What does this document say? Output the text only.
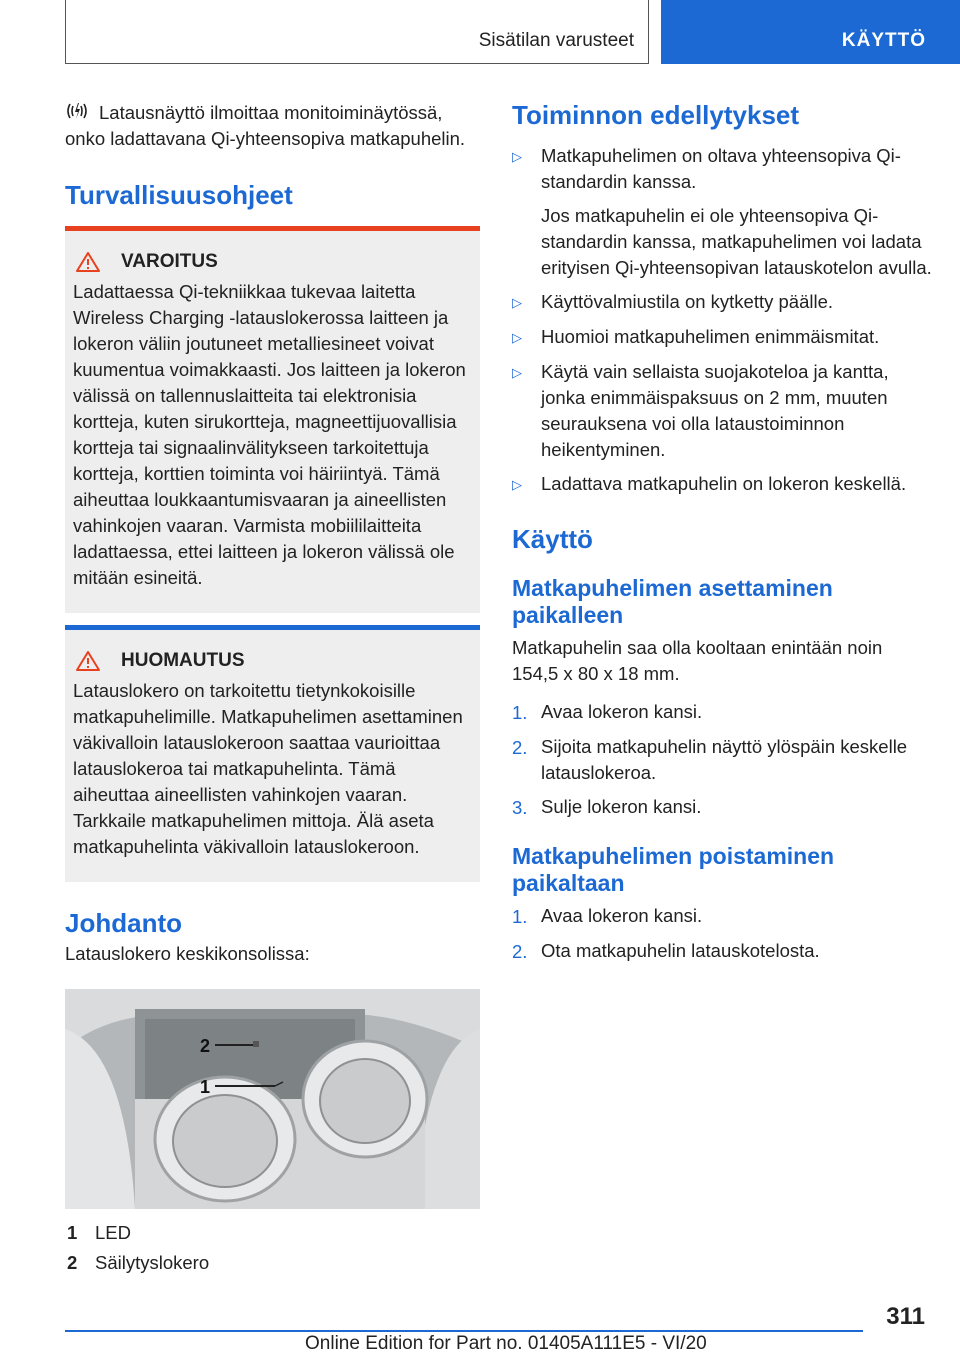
Sisätilan varusteet	KÄYTTÖ
Latausnäyttö ilmoittaa monitoiminäytössä, onko ladattavana Qi-yhteensopiva matkapuhelin.
Turvallisuusohjeet
VAROITUS
Ladattaessa Qi-tekniikkaa tukevaa laitetta Wireless Charging -latauslokerossa laitteen ja lokeron väliin joutuneet metalliesineet voivat kuumentua voimakkaasti. Jos laitteen ja lokeron välissä on tallennuslaitteita tai elektronisia kortteja, kuten sirukortteja, magneettijuovallisia kortteja tai signaalinvälitykseen tarkoitettuja kortteja, korttien toiminta voi häiriintyä. Tämä aiheuttaa loukkaantumisvaaran ja aineellisten vahinkojen vaaran. Varmista mobiililaitteita ladattaessa, ettei laitteen ja lokeron välissä ole mitään esineitä.
HUOMAUTUS
Latauslokero on tarkoitettu tietynkokoisille matkapuhelimille. Matkapuhelimen asettaminen väkivalloin latauslokeroon saattaa vaurioittaa latauslokeroa tai matkapuhelinta. Tämä aiheuttaa aineellisten vahinkojen vaaran. Tarkkaile matkapuhelimen mittoja. Älä aseta matkapuhelinta väkivalloin latauslokeroon.
Johdanto
Latauslokero keskikonsolissa:
2
1
1 LED
2 Säilytyslokero
Toiminnon edellytykset
▷	Matkapuhelimen on oltava yhteensopiva Qi-standardin kanssa.
Jos matkapuhelin ei ole yhteensopiva Qi-standardin kanssa, matkapuhelimen voi ladata erityisen Qi-yhteensopivan latauskotelon avulla.
▷	Käyttövalmiustila on kytketty päälle.
▷	Huomioi matkapuhelimen enimmäismitat.
▷	Käytä vain sellaista suojakoteloa ja kantta, jonka enimmäispaksuus on 2 mm, muuten seurauksena voi olla lataustoiminnon heikentyminen.
▷	Ladattava matkapuhelin on lokeron keskellä.
Käyttö
Matkapuhelimen asettaminen paikalleen
Matkapuhelin saa olla kooltaan enintään noin 154,5 x 80 x 18 mm.
1. Avaa lokeron kansi.
2. Sijoita matkapuhelin näyttö ylöspäin keskelle latauslokeroa.
3. Sulje lokeron kansi.
Matkapuhelimen poistaminen paikaltaan
1. Avaa lokeron kansi.
2. Ota matkapuhelin latauskotelosta.
311
Online Edition for Part no. 01405A111E5 - VI/20
